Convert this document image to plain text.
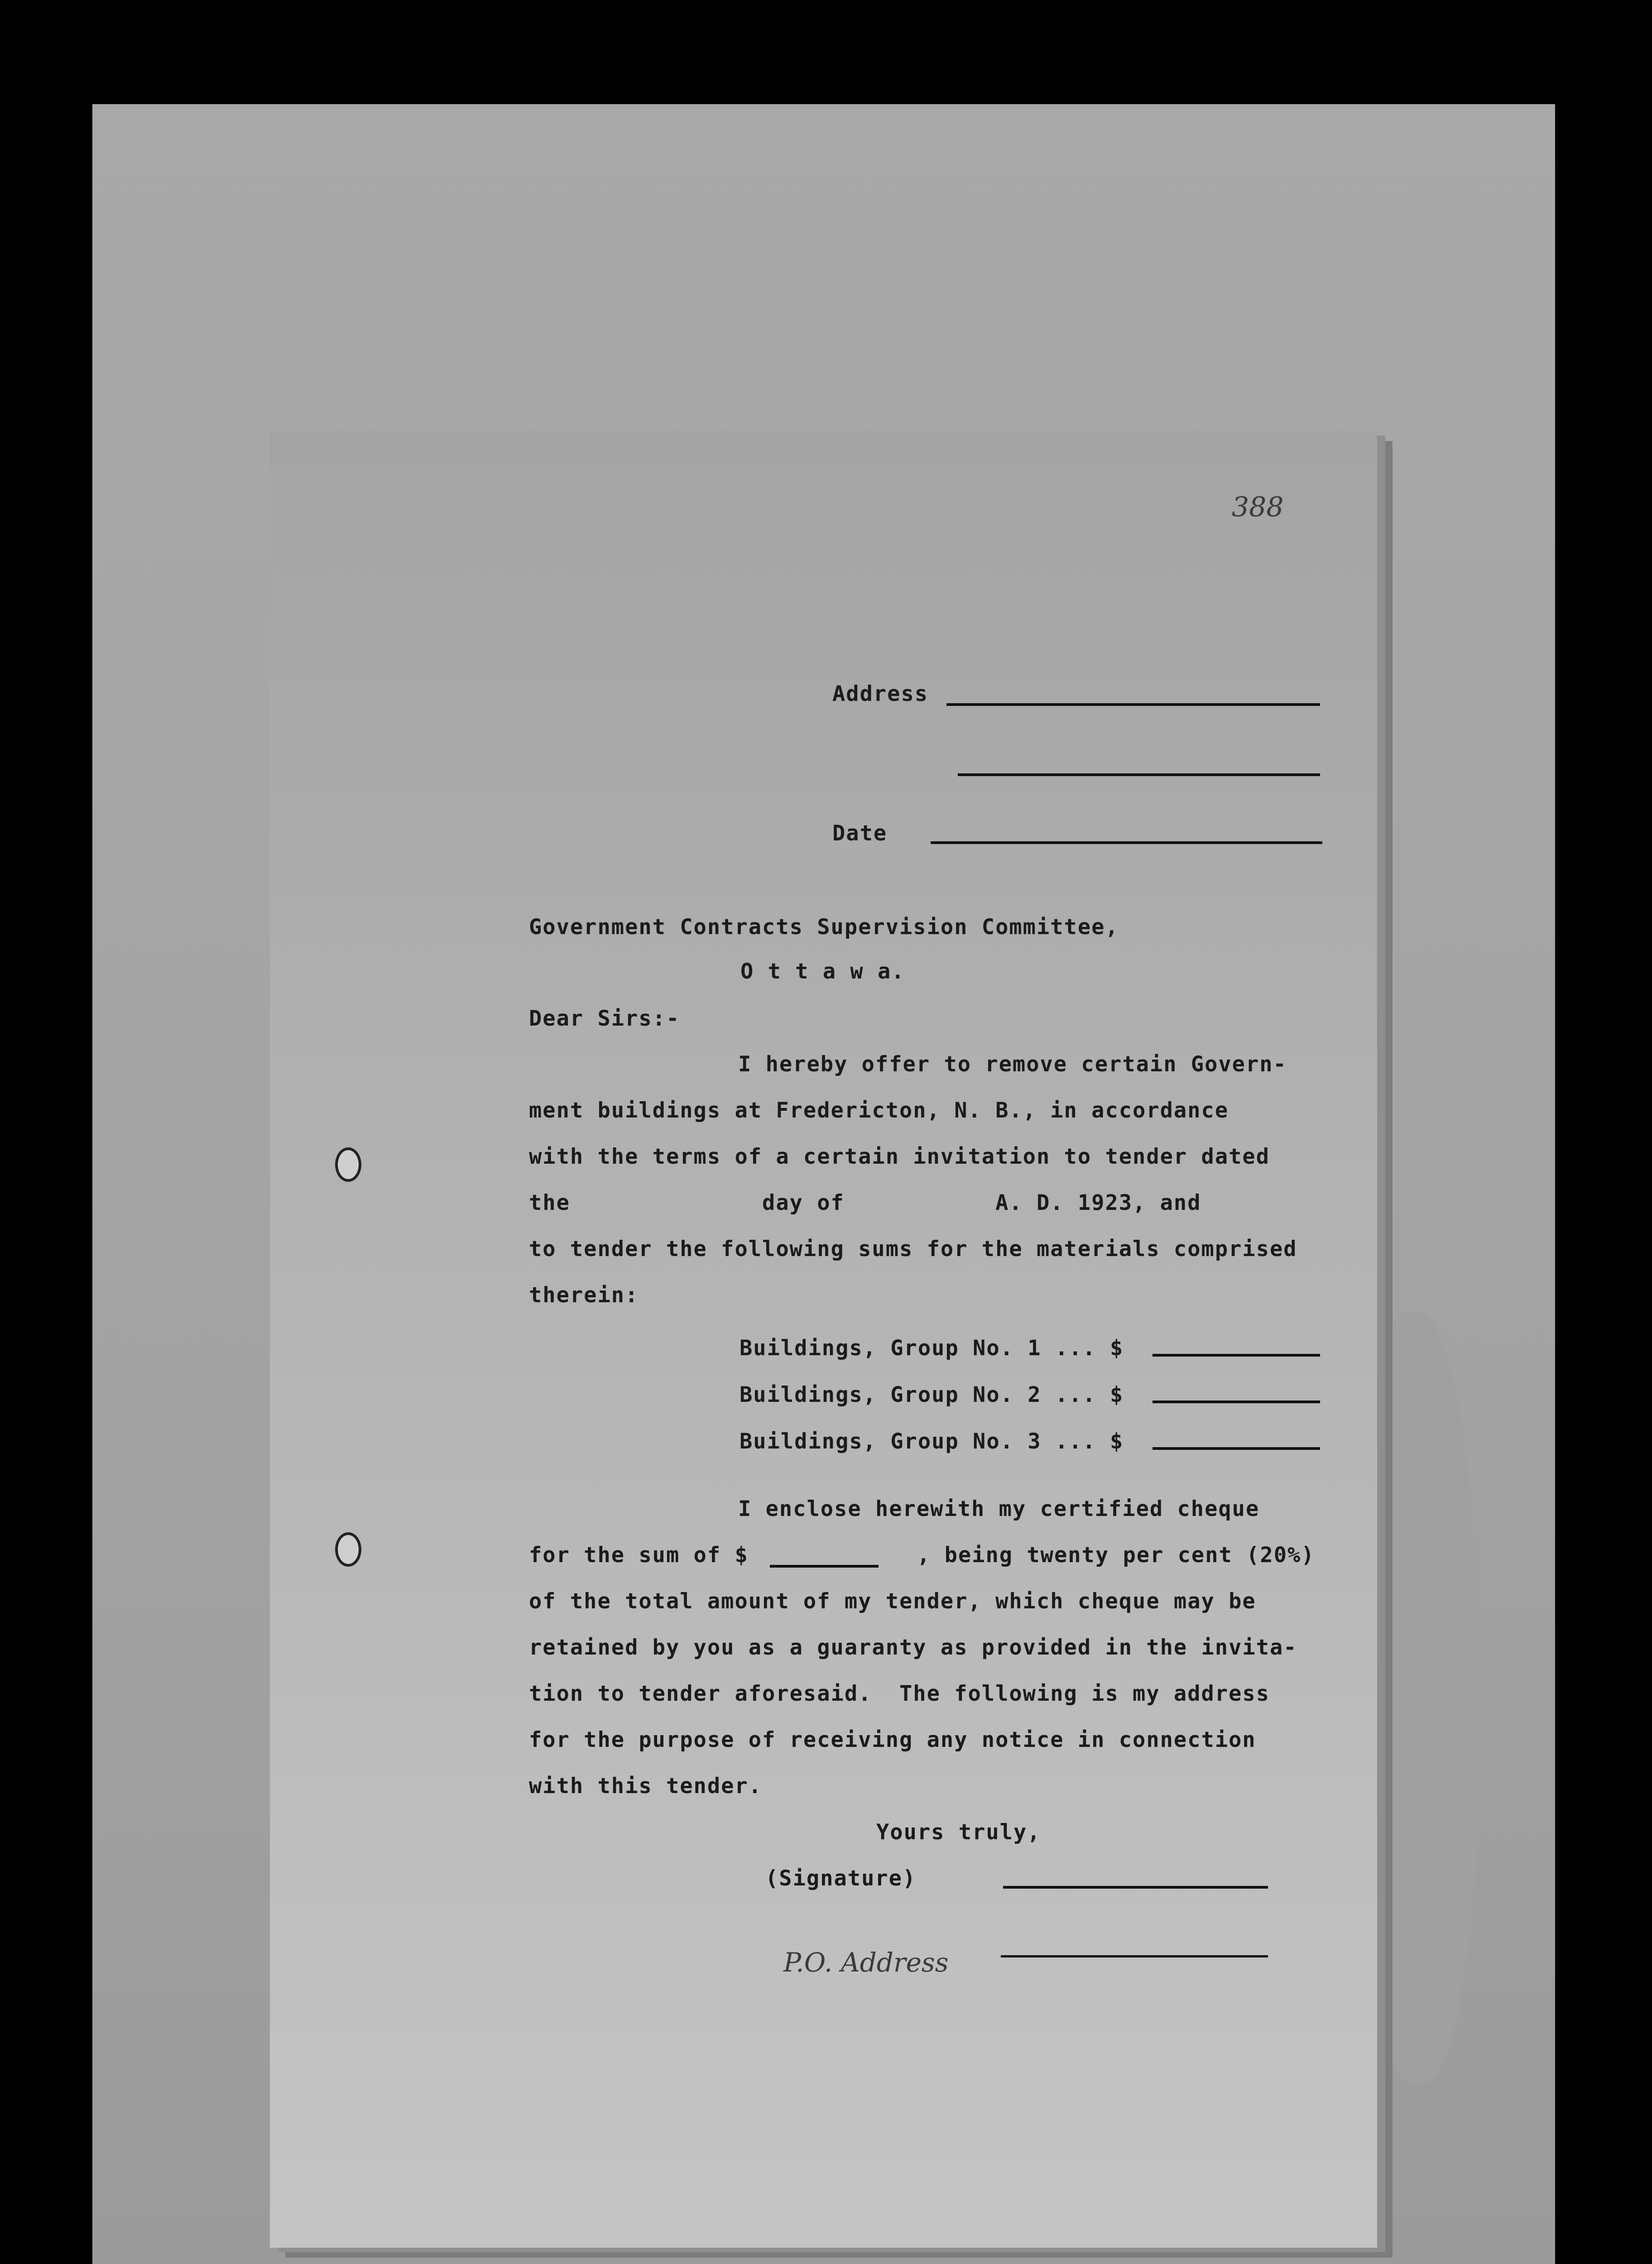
388
Address
Date
Government Contracts Supervision Committee,
O t t a w a.
Dear Sirs:-
I hereby offer to remove certain Govern-
ment buildings at Fredericton, N. B., in accordance
with the terms of a certain invitation to tender dated
the              day of           A. D. 1923, and
to tender the following sums for the materials comprised
therein:
Buildings, Group No. 1 ... $
Buildings, Group No. 2 ... $
Buildings, Group No. 3 ... $
I enclose herewith my certified cheque
for the sum of $	, being twenty per cent (20%)
of the total amount of my tender, which cheque may be
retained by you as a guaranty as provided in the invita-
tion to tender aforesaid.  The following is my address
for the purpose of receiving any notice in connection
with this tender.
Yours truly,
(Signature)
P.O. Address
